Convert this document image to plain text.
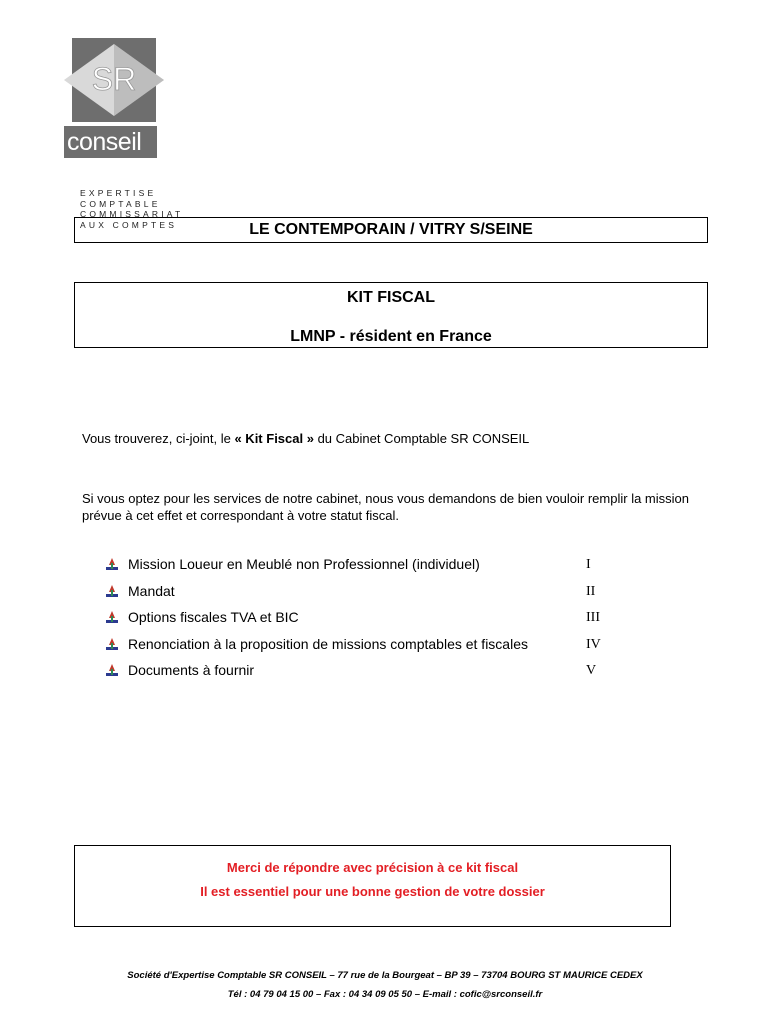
SR
conseil
EXPERTISE
COMPTABLE
COMMISSARIAT
AUX COMPTES	LE CONTEMPORAIN / VITRY S/SEINE
KIT FISCAL
LMNP - résident en France
Vous trouverez, ci-joint, le « Kit Fiscal » du Cabinet Comptable SR CONSEIL
Si vous optez pour les services de notre cabinet, nous vous demandons de bien vouloir remplir la mission prévue à cet effet et correspondant à votre statut fiscal.
Mission Loueur en Meublé non Professionnel (individuel)	I
Mandat	II
Options fiscales TVA et BIC	III
Renonciation à la proposition de missions comptables et fiscales	IV
Documents à fournir	V
Merci de répondre avec précision à ce kit fiscal
Il est essentiel pour une bonne gestion de votre dossier
Société d'Expertise Comptable SR CONSEIL – 77 rue de la Bourgeat – BP 39 – 73704 BOURG ST MAURICE CEDEX
Tél : 04 79 04 15 00 – Fax : 04 34 09 05 50 – E-mail : cofic@srconseil.fr
